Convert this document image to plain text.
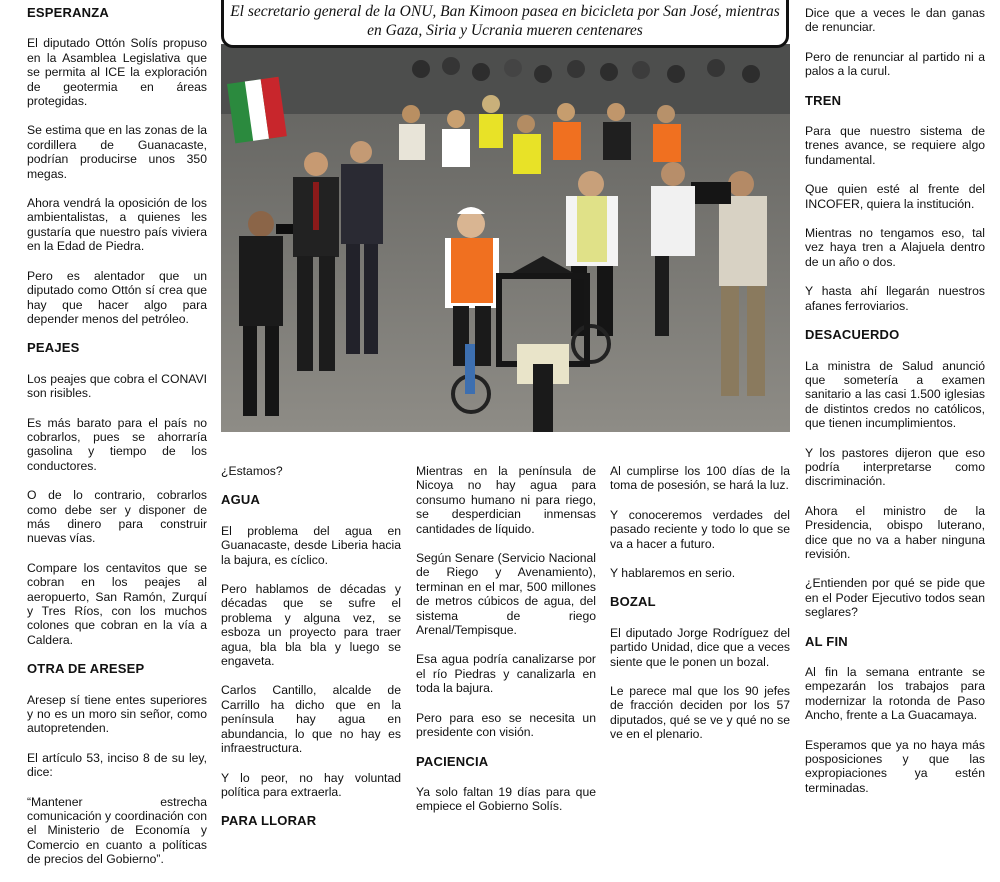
El secretario general de la ONU, Ban Kimoon pasea en bicicleta por San José, mientras en Gaza, Siria y Ucrania mueren centenares
ESPERANZA

El diputado Ottón Solís propuso en la Asamblea Legislativa que se permita al ICE la exploración de geotermia en áreas protegidas.

Se estima que en las zonas de la cordillera de Guanacaste, podrían producirse unos 350 megas.

Ahora vendrá la oposición de los ambientalistas, a quienes les gustaría que nuestro país viviera en la Edad de Piedra.

Pero es alentador que un diputado como Ottón sí crea que hay que hacer algo para depender menos del petróleo.

PEAJES

Los peajes que cobra el CONAVI son risibles.

Es más barato para el país no cobrarlos, pues se ahorraría gasolina y tiempo de los conductores.

O de lo contrario, cobrarlos como debe ser y disponer de más dinero para construir nuevas vías.

Compare los centavitos que se cobran en los peajes al aeropuerto, San Ramón, Zurquí y Tres Ríos, con los muchos colones que cobran en la vía a Caldera.

OTRA DE ARESEP

Aresep sí tiene entes superiores y no es un moro sin señor, como autopretenden.

El artículo 53, inciso 8 de su ley, dice:

“Mantener estrecha comunicación y coordinación con el Ministerio de Economía y Comercio en cuanto a políticas de precios del Gobierno”.

¿Estamos?

AGUA

El problema del agua en Guanacaste, desde Liberia hacia la bajura, es cíclico.

Pero hablamos de décadas y décadas que se sufre el problema y alguna vez, se esboza un proyecto para traer agua, bla bla bla y luego se engaveta.

Carlos Cantillo, alcalde de Carrillo ha dicho que en la península hay agua en abundancia, lo que no hay es infraestructura.

Y lo peor, no hay voluntad política para extraerla.

PARA LLORAR

Mientras en la península de Nicoya no hay agua para consumo humano ni para riego, se desperdician inmensas cantidades de líquido.

Según Senare (Servicio Nacional de Riego y Avenamiento), terminan en el mar, 500 millones de metros cúbicos de agua, del sistema de riego Arenal/Tempisque.

Esa agua podría canalizarse por el río Piedras y canalizarla en toda la bajura.

Pero para eso se necesita un presidente con visión.

PACIENCIA

Ya solo faltan 19 días para que empiece el Gobierno Solís.

Al cumplirse los 100 días de la toma de posesión, se hará la luz.

Y conoceremos verdades del pasado reciente y todo lo que se va a hacer a futuro.

Y hablaremos en serio.

BOZAL

El diputado Jorge Rodríguez del partido Unidad, dice que a veces siente que le ponen un bozal.

Le parece mal que los 90 jefes de fracción deciden por los 57 diputados, qué se ve y qué no se ve en el plenario.

Dice que a veces le dan ganas de renunciar.

Pero de renunciar al partido ni a palos a la curul.

TREN

Para que nuestro sistema de trenes avance, se requiere algo fundamental.

Que quien esté al frente del INCOFER, quiera la institución.

Mientras no tengamos eso, tal vez haya tren a Alajuela dentro de un año o dos.

Y hasta ahí llegarán nuestros afanes ferroviarios.

DESACUERDO

La ministra de Salud anunció que sometería a examen sanitario a las casi 1.500 iglesias de distintos credos no católicos, que tienen incumplimientos.

Y los pastores dijeron que eso podría interpretarse como discriminación.

Ahora el ministro de la Presidencia, obispo luterano, dice que no va a haber ninguna revisión.

¿Entienden por qué se pide que en el Poder Ejecutivo todos sean seglares?

AL FIN

Al fin la semana entrante se empezarán los trabajos para modernizar la rotonda de Paso Ancho, frente a La Guacamaya.

Esperamos que ya no haya más posposiciones y que las expropiaciones ya estén terminadas.
